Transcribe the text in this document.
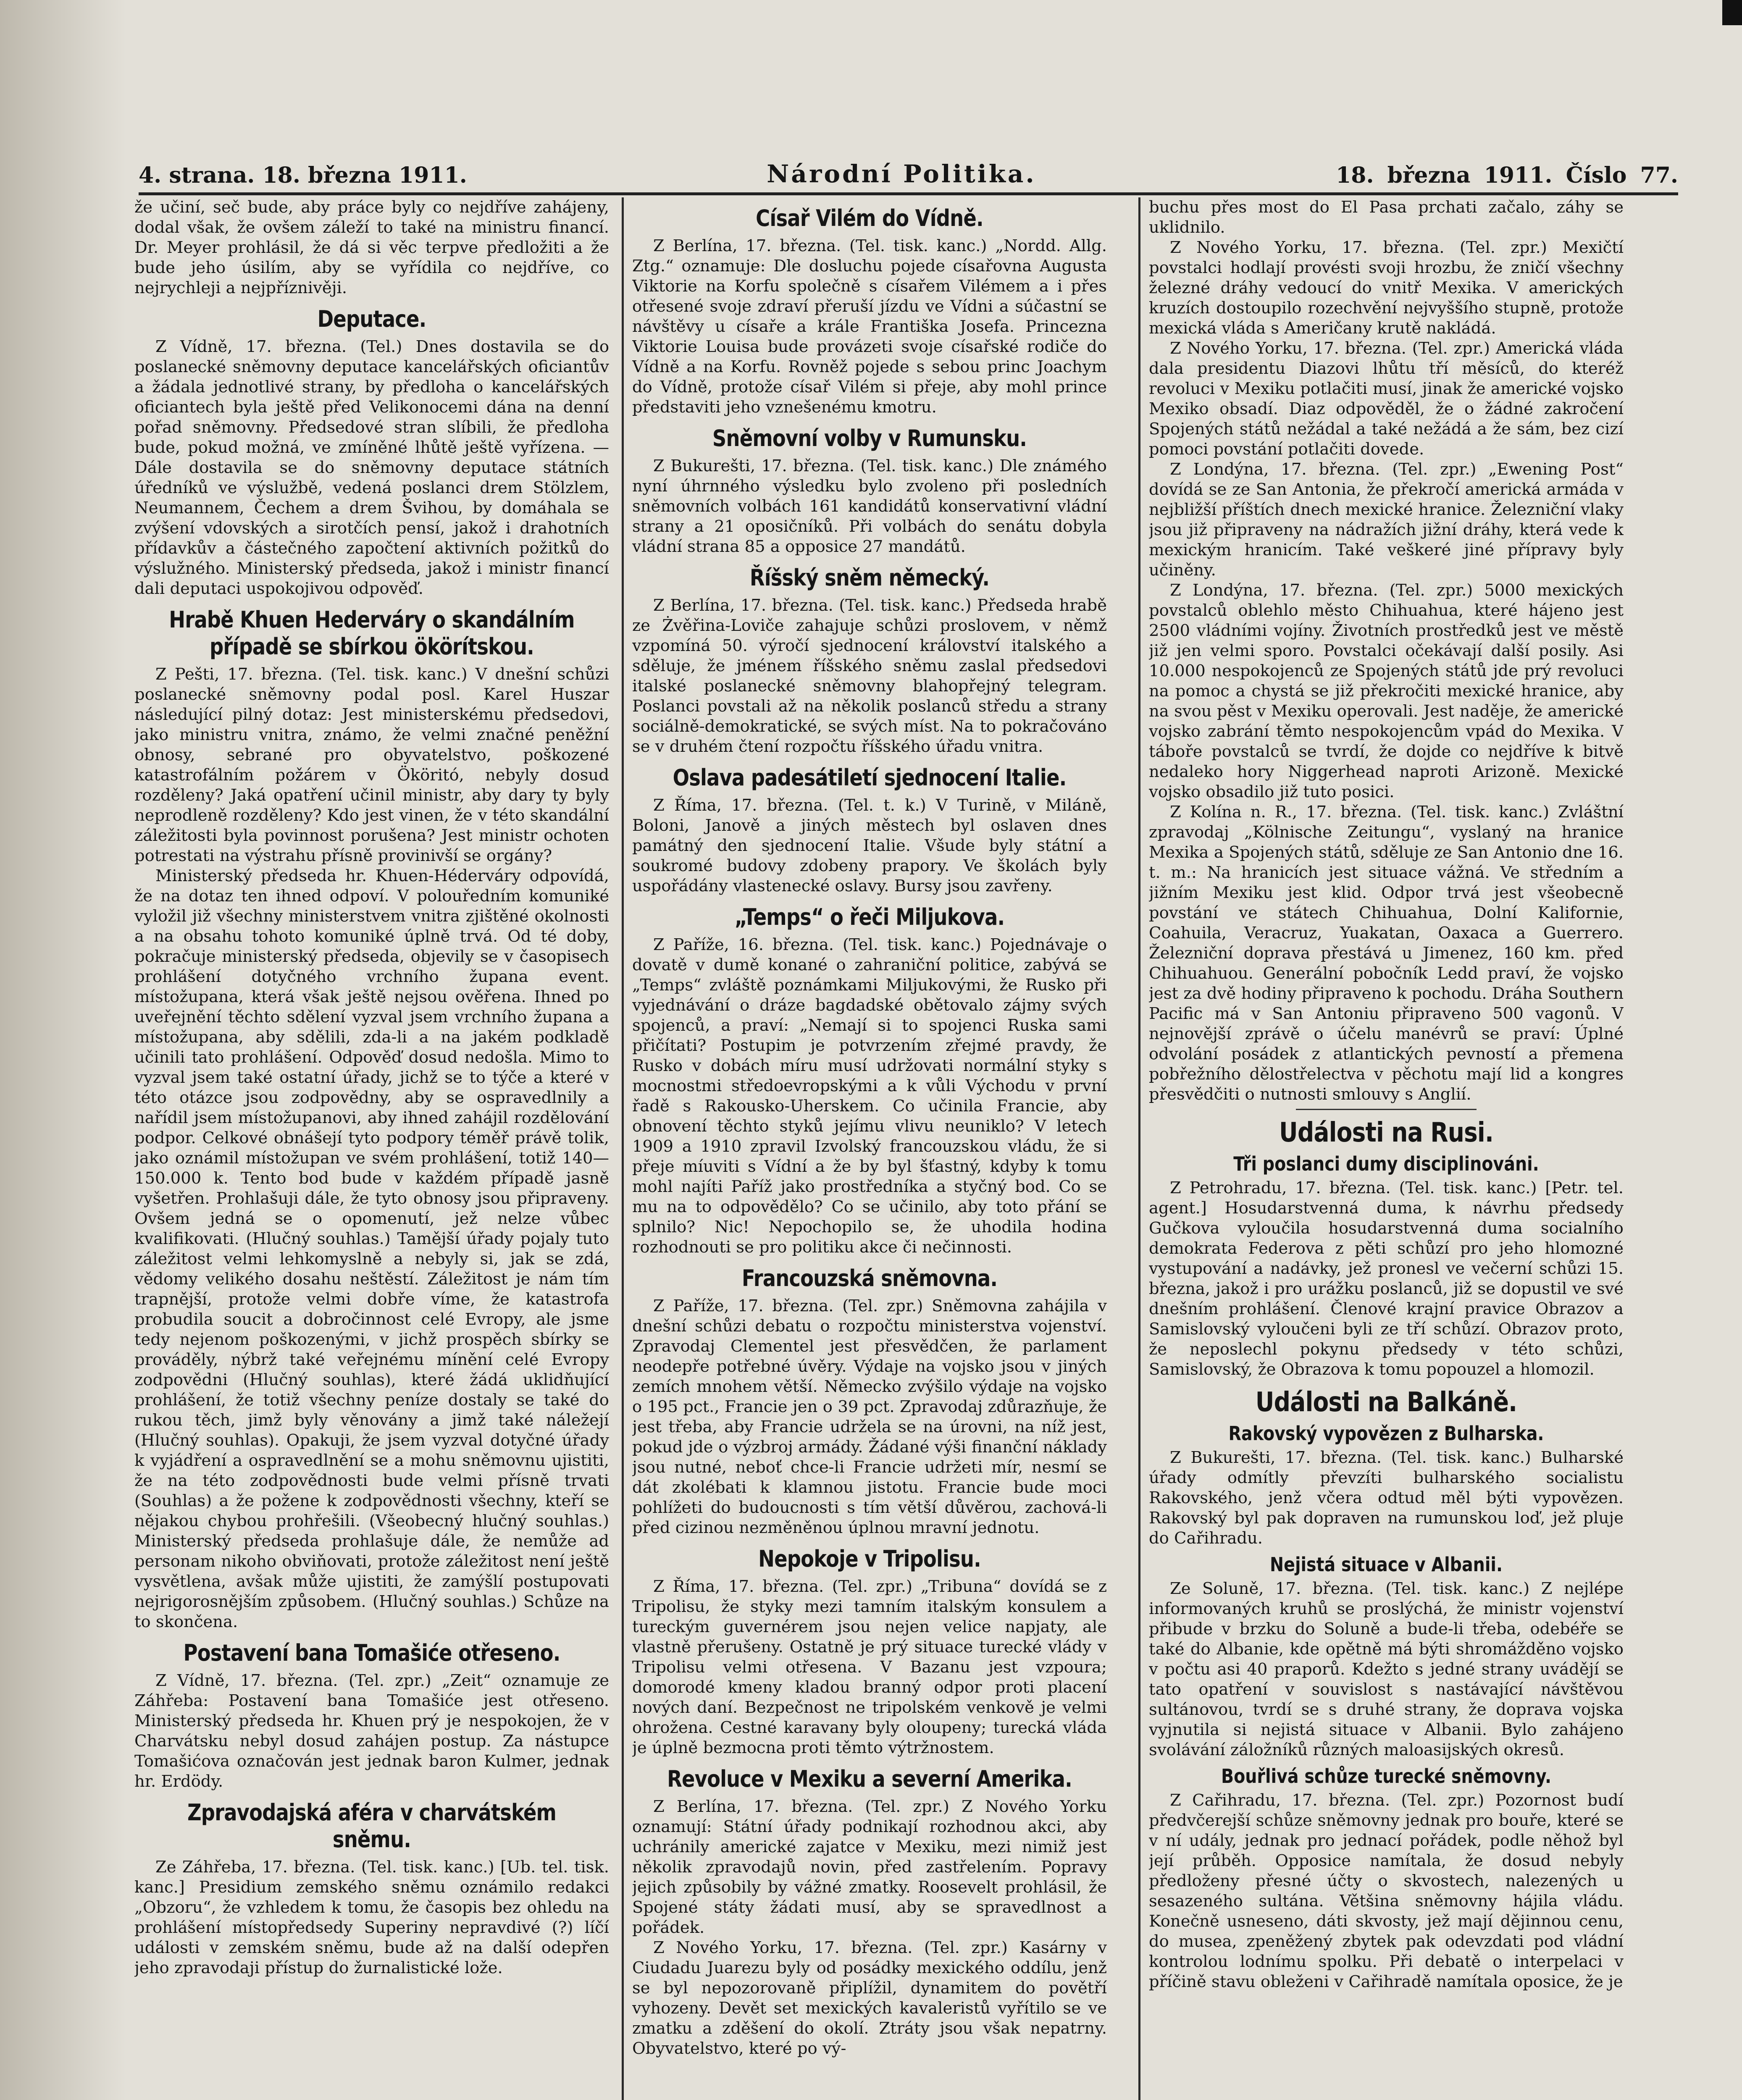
4. strana. 18. března 1911.	Národní Politika.	18. března 1911. Číslo 77.

že učiní, seč bude, aby práce byly co nejdříve zahájeny, dodal však, že ovšem záleží to také na ministru financí. Dr. Meyer prohlásil, že dá si věc terpve předložiti a že bude jeho úsilím, aby se vyřídila co nejdříve, co nejrychleji a nejpříznivěji.

Deputace.

Z Vídně, 17. března. (Tel.) Dnes dostavila se do poslanecké sněmovny deputace kancelářských oficiantův a žádala jednotlivé strany, by předloha o kancelářských oficiantech byla ještě před Velikonocemi dána na denní pořad sněmovny. Předsedové stran slíbili, že předloha bude, pokud možná, ve zmíněné lhůtě ještě vyřízena. — Dále dostavila se do sněmovny deputace státních úředníků ve výslužbě, vedená poslanci drem Stölzlem, Neumannem, Čechem a drem Švihou, by domáhala se zvýšení vdovských a sirotčích pensí, jakož i drahotních přídavkův a částečného započtení aktivních požitků do výslužného. Ministerský předseda, jakož i ministr financí dali deputaci uspokojivou odpověď.

Hrabě Khuen Hederváry o skandálním případě se sbírkou ökörítskou.

Z Pešti, 17. března. (Tel. tisk. kanc.) V dnešní schůzi poslanecké sněmovny podal posl. Karel Huszar následující pilný dotaz: Jest ministerskému předsedovi, jako ministru vnitra, známo, že velmi značné peněžní obnosy, sebrané pro obyvatelstvo, poškozené katastrofálním požárem v Ököritó, nebyly dosud rozděleny? Jaká opatření učinil ministr, aby dary ty byly neprodleně rozděleny? Kdo jest vinen, že v této skandální záležitosti byla povinnost porušena? Jest ministr ochoten potrestati na výstrahu přísně provinivší se orgány?

Ministerský předseda hr. Khuen-Héderváry odpovídá, že na dotaz ten ihned odpoví. V polouředním komuniké vyložil již všechny ministerstvem vnitra zjištěné okolnosti a na obsahu tohoto komuniké úplně trvá. Od té doby, pokračuje ministerský předseda, objevily se v časopisech prohlášení dotyčného vrchního župana event. místožupana, která však ještě nejsou ověřena. Ihned po uveřejnění těchto sdělení vyzval jsem vrchního župana a místožupana, aby sdělili, zda-li a na jakém podkladě učinili tato prohlášení. Odpověď dosud nedošla. Mimo to vyzval jsem také ostatní úřady, jichž se to týče a které v této otázce jsou zodpovědny, aby se ospravedlnily a nařídil jsem místožupanovi, aby ihned zahájil rozdělování podpor. Celkové obnášejí tyto podpory téměř právě tolik, jako oznámil místožupan ve svém prohlášení, totiž 140—150.000 k. Tento bod bude v každém případě jasně vyšetřen. Prohlašuji dále, že tyto obnosy jsou připraveny. Ovšem jedná se o opomenutí, jež nelze vůbec kvalifikovati. (Hlučný souhlas.) Tamější úřady pojaly tuto záležitost velmi lehkomyslně a nebyly si, jak se zdá, vědomy velikého dosahu neštěstí. Záležitost je nám tím trapnější, protože velmi dobře víme, že katastrofa probudila soucit a dobročinnost celé Evropy, ale jsme tedy nejenom poškozenými, v jichž prospěch sbírky se prováděly, nýbrž také veřejnému mínění celé Evropy zodpovědni (Hlučný souhlas), které žádá uklidňující prohlášení, že totiž všechny peníze dostaly se také do rukou těch, jimž byly věnovány a jimž také náležejí (Hlučný souhlas). Opakuji, že jsem vyzval dotyčné úřady k vyjádření a ospravedlnění se a mohu sněmovnu ujistiti, že na této zodpovědnosti bude velmi přísně trvati (Souhlas) a že požene k zodpovědnosti všechny, kteří se nějakou chybou prohřešili. (Všeobecný hlučný souhlas.) Ministerský předseda prohlašuje dále, že nemůže ad personam nikoho obviňovati, protože záležitost není ještě vysvětlena, avšak může ujistiti, že zamýšlí postupovati nejrigorosnějším způsobem. (Hlučný souhlas.) Schůze na to skončena.

Postavení bana Tomašiće otřeseno.

Z Vídně, 17. března. (Tel. zpr.) „Zeit“ oznamuje ze Záhřeba: Postavení bana Tomašiće jest otřeseno. Ministerský předseda hr. Khuen prý je nespokojen, že v Charvátsku nebyl dosud zahájen postup. Za nástupce Tomašićova označován jest jednak baron Kulmer, jednak hr. Erdödy.

Zpravodajská aféra v charvátském sněmu.

Ze Záhřeba, 17. března. (Tel. tisk. kanc.) [Ub. tel. tisk. kanc.] Presidium zemského sněmu oznámilo redakci „Obzoru“, že vzhledem k tomu, že časopis bez ohledu na prohlášení místopředsedy Superiny nepravdivé (?) líčí události v zemském sněmu, bude až na další odepřen jeho zpravodaji přístup do žurnalistické lože.

Císař Vilém do Vídně.

Z Berlína, 17. března. (Tel. tisk. kanc.) „Nordd. Allg. Ztg.“ oznamuje: Dle dosluchu pojede císařovna Augusta Viktorie na Korfu společně s císařem Vilémem a i přes otřesené svoje zdraví přeruší jízdu ve Vídni a súčastní se návštěvy u císaře a krále Františka Josefa. Princezna Viktorie Louisa bude provázeti svoje císařské rodiče do Vídně a na Korfu. Rovněž pojede s sebou princ Joachym do Vídně, protože císař Vilém si přeje, aby mohl prince představiti jeho vznešenému kmotru.

Sněmovní volby v Rumunsku.

Z Bukurešti, 17. března. (Tel. tisk. kanc.) Dle známého nyní úhrnného výsledku bylo zvoleno při posledních sněmovních volbách 161 kandidátů konservativní vládní strany a 21 oposičníků. Při volbách do senátu dobyla vládní strana 85 a opposice 27 mandátů.

Říšský sněm německý.

Z Berlína, 17. března. (Tel. tisk. kanc.) Předseda hrabě ze Żvěřina-Loviče zahajuje schůzi proslovem, v němž vzpomíná 50. výročí sjednocení království italského a sděluje, že jménem říšského sněmu zaslal předsedovi italské poslanecké sněmovny blahopřejný telegram. Poslanci povstali až na několik poslanců středu a strany sociálně-demokratické, se svých míst. Na to pokračováno se v druhém čtení rozpočtu říšského úřadu vnitra.

Oslava padesátiletí sjednocení Italie.

Z Říma, 17. března. (Tel. t. k.) V Turině, v Miláně, Boloni, Janově a jiných městech byl oslaven dnes památný den sjednocení Italie. Všude byly státní a soukromé budovy zdobeny prapory. Ve školách byly uspořádány vlastenecké oslavy. Bursy jsou zavřeny.

„Temps“ o řeči Miljukova.

Z Paříže, 16. března. (Tel. tisk. kanc.) Pojednávaje o dovatě v dumě konané o zahraniční politice, zabývá se „Temps“ zvláště poznámkami Miljukovými, že Rusko při vyjednávání o dráze bagdadské obětovalo zájmy svých spojenců, a praví: „Nemají si to spojenci Ruska sami přičítati? Postupim je potvrzením zřejmé pravdy, že Rusko v dobách míru musí udržovati normální styky s mocnostmi středoevropskými a k vůli Východu v první řadě s Rakousko-Uherskem. Co učinila Francie, aby obnovení těchto styků jejímu vlivu neuniklo? V letech 1909 a 1910 zpravil Izvolský francouzskou vládu, že si přeje míuviti s Vídní a že by byl šťastný, kdyby k tomu mohl najíti Paříž jako prostředníka a styčný bod. Co se mu na to odpovědělo? Co se učinilo, aby toto přání se splnilo? Nic! Nepochopilo se, že uhodila hodina rozhodnouti se pro politiku akce či nečinnosti.

Francouzská sněmovna.

Z Paříže, 17. března. (Tel. zpr.) Sněmovna zahájila v dnešní schůzi debatu o rozpočtu ministerstva vojenství. Zpravodaj Clementel jest přesvědčen, že parlament neodepře potřebné úvěry. Výdaje na vojsko jsou v jiných zemích mnohem větší. Německo zvýšilo výdaje na vojsko o 195 pct., Francie jen o 39 pct. Zpravodaj zdůrazňuje, že jest třeba, aby Francie udržela se na úrovni, na níž jest, pokud jde o výzbroj armády. Žádané výši finanční náklady jsou nutné, neboť chce-li Francie udržeti mír, nesmí se dát zkolébati k klamnou jistotu. Francie bude moci pohlížeti do budoucnosti s tím větší důvěrou, zachová-li před cizinou nezměněnou úplnou mravní jednotu.

Nepokoje v Tripolisu.

Z Říma, 17. března. (Tel. zpr.) „Tribuna“ dovídá se z Tripolisu, že styky mezi tamním italským konsulem a tureckým guvernérem jsou nejen velice napjaty, ale vlastně přerušeny. Ostatně je prý situace turecké vlády v Tripolisu velmi otřesena. V Bazanu jest vzpoura; domorodé kmeny kladou branný odpor proti placení nových daní. Bezpečnost ne tripolském venkově je velmi ohrožena. Cestné karavany byly oloupeny; turecká vláda je úplně bezmocna proti těmto výtržnostem.

Revoluce v Mexiku a severní Amerika.

Z Berlína, 17. března. (Tel. zpr.) Z Nového Yorku oznamují: Státní úřady podnikají rozhodnou akci, aby uchránily americké zajatce v Mexiku, mezi nimiž jest několik zpravodajů novin, před zastřelením. Popravy jejich způsobily by vážné zmatky. Roosevelt prohlásil, že Spojené státy žádati musí, aby se spravedlnost a pořádek.

Z Nového Yorku, 17. března. (Tel. zpr.) Kasárny v Ciudadu Juarezu byly od posádky mexického oddílu, jenž se byl nepozorovaně připlížil, dynamitem do povětří vyhozeny. Devět set mexických kavaleristů vyřítilo se ve zmatku a zděšení do okolí. Ztráty jsou však nepatrny. Obyvatelstvo, které po vý-

buchu přes most do El Pasa prchati začalo, záhy se uklidnilo.

Z Nového Yorku, 17. března. (Tel. zpr.) Mexičtí povstalci hodlají provésti svoji hrozbu, že zničí všechny železné dráhy vedoucí do vnitř Mexika. V amerických kruzích dostoupilo rozechvění nejvyššího stupně, protože mexická vláda s Američany krutě nakládá.

Z Nového Yorku, 17. března. (Tel. zpr.) Americká vláda dala presidentu Diazovi lhůtu tří měsíců, do kteréž revoluci v Mexiku potlačiti musí, jinak že americké vojsko Mexiko obsadí. Diaz odpověděl, že o žádné zakročení Spojených států nežádal a také nežádá a že sám, bez cizí pomoci povstání potlačiti dovede.

Z Londýna, 17. března. (Tel. zpr.) „Ewening Post“ dovídá se ze San Antonia, že překročí americká armáda v nejbližší příštích dnech mexické hranice. Železniční vlaky jsou již připraveny na nádražích jižní dráhy, která vede k mexickým hranicím. Také veškeré jiné přípravy byly učiněny.

Z Londýna, 17. března. (Tel. zpr.) 5000 mexických povstalců oblehlo město Chihuahua, které hájeno jest 2500 vládními vojíny. Životních prostředků jest ve městě již jen velmi sporo. Povstalci očekávají další posily. Asi 10.000 nespokojenců ze Spojených států jde prý revoluci na pomoc a chystá se již překročiti mexické hranice, aby na svou pěst v Mexiku operovali. Jest naděje, že americké vojsko zabrání těmto nespokojencům vpád do Mexika. V táboře povstalců se tvrdí, že dojde co nejdříve k bitvě nedaleko hory Niggerhead naproti Arizoně. Mexické vojsko obsadilo již tuto posici.

Z Kolína n. R., 17. března. (Tel. tisk. kanc.) Zvláštní zpravodaj „Kölnische Zeitungu“, vyslaný na hranice Mexika a Spojených států, sděluje ze San Antonio dne 16. t. m.: Na hranicích jest situace vážná. Ve středním a jižním Mexiku jest klid. Odpor trvá jest všeobecně povstání ve státech Chihuahua, Dolní Kalifornie, Coahuila, Veracruz, Yuakatan, Oaxaca a Guerrero. Železniční doprava přestává u Jimenez, 160 km. před Chihuahuou. Generální pobočník Ledd praví, že vojsko jest za dvě hodiny připraveno k pochodu. Dráha Southern Pacific má v San Antoniu připraveno 500 vagonů. V nejnovější zprávě o účelu manévrů se praví: Úplné odvolání posádek z atlantických pevností a přemena pobřežního dělostřelectva v pěchotu mají lid a kongres přesvědčiti o nutnosti smlouvy s Anglií.

Události na Rusi.
Tři poslanci dumy disciplinováni.

Z Petrohradu, 17. března. (Tel. tisk. kanc.) [Petr. tel. agent.] Hosudarstvenná duma, k návrhu předsedy Gučkova vyloučila hosudarstvenná duma socialního demokrata Federova z pěti schůzí pro jeho hlomozné vystupování a nadávky, jež pronesl ve večerní schůzi 15. března, jakož i pro urážku poslanců, již se dopustil ve své dnešním prohlášení. Členové krajní pravice Obrazov a Samislovský vyloučeni byli ze tří schůzí. Obrazov proto, že neposlechl pokynu předsedy v této schůzi, Samislovský, že Obrazova k tomu popouzel a hlomozil.

Události na Balkáně.
Rakovský vypovězen z Bulharska.

Z Bukurešti, 17. března. (Tel. tisk. kanc.) Bulharské úřady odmítly převzíti bulharského socialistu Rakovského, jenž včera odtud měl býti vypovězen. Rakovský byl pak dopraven na rumunskou loď, jež pluje do Cařihradu.

Nejistá situace v Albanii.

Ze Soluně, 17. března. (Tel. tisk. kanc.) Z nejlépe informovaných kruhů se proslýchá, že ministr vojenství přibude v brzku do Soluně a bude-li třeba, odebéře se také do Albanie, kde opětně má býti shromážděno vojsko v počtu asi 40 praporů. Kdežto s jedné strany uvádějí se tato opatření v souvislost s nastávající návštěvou sultánovou, tvrdí se s druhé strany, že doprava vojska vyjnutila si nejistá situace v Albanii. Bylo zahájeno svolávání záložníků různých maloasijských okresů.

Bouřlivá schůze turecké sněmovny.

Z Cařihradu, 17. března. (Tel. zpr.) Pozornost budí předvčerejší schůze sněmovny jednak pro bouře, které se v ní udály, jednak pro jednací pořádek, podle něhož byl její průběh. Opposice namítala, že dosud nebyly předloženy přesné účty o skvostech, nalezených u sesazeného sultána. Většina sněmovny hájila vládu. Konečně usneseno, dáti skvosty, jež mají dějinnou cenu, do musea, zpeněžený zbytek pak odevzdati pod vládní kontrolou lodnímu spolku. Při debatě o interpelaci v příčině stavu obleženi v Cařihradě namítala oposice, že je
